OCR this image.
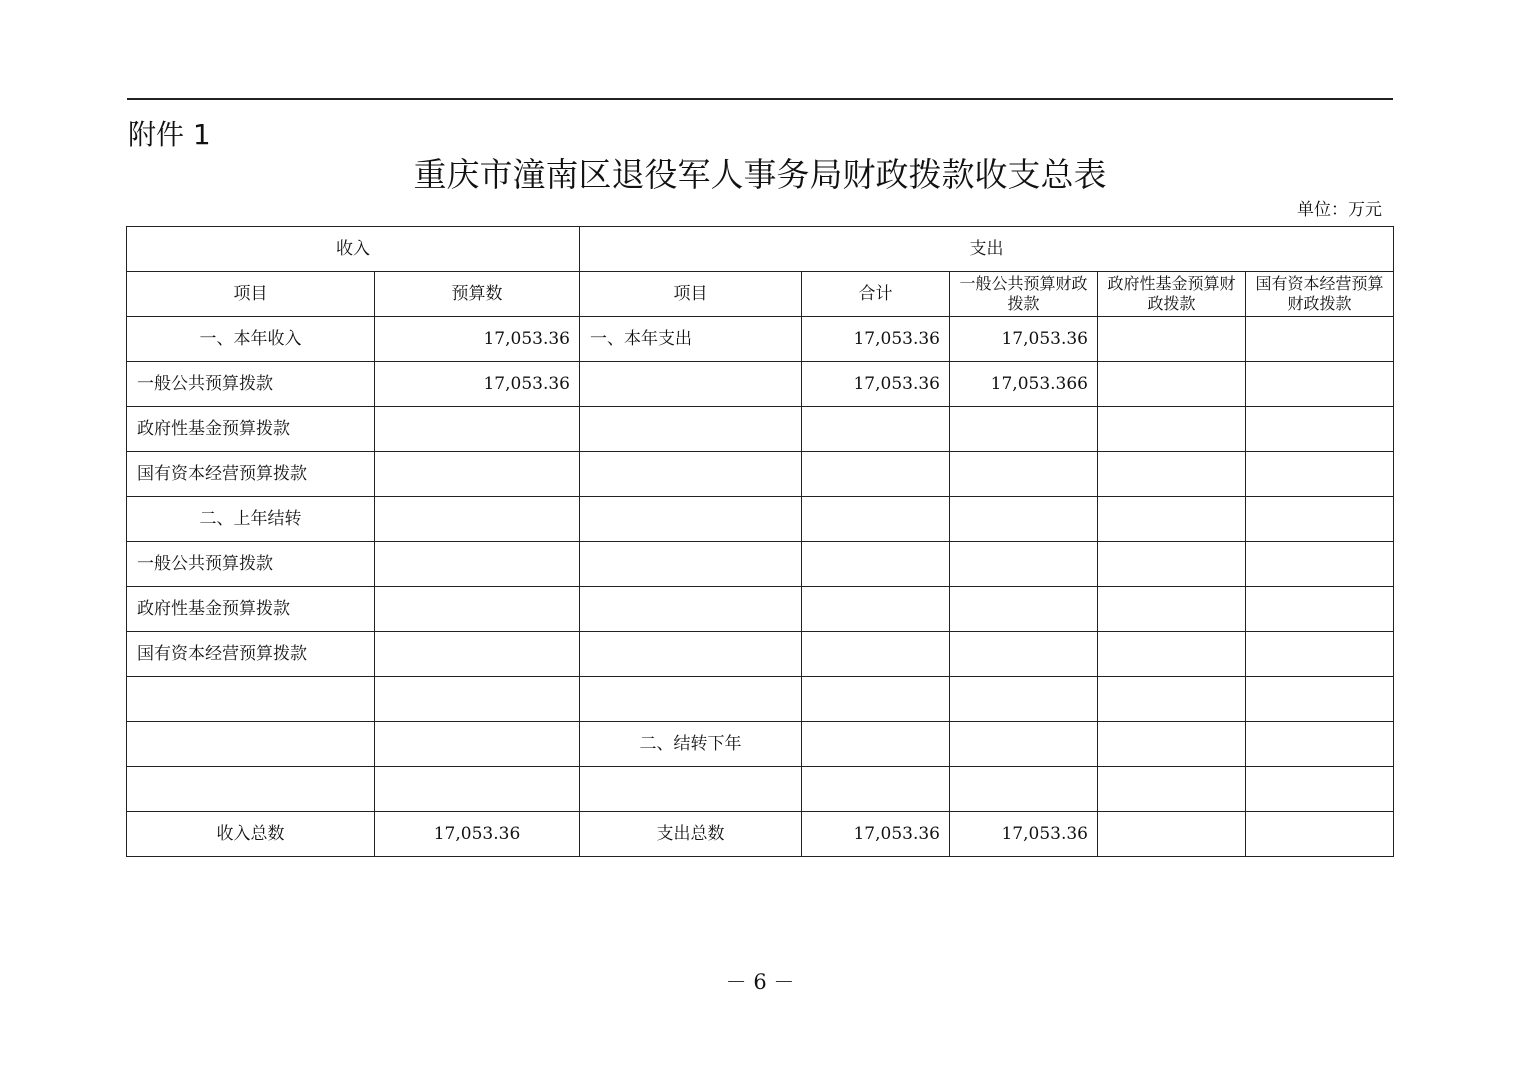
附件 1
重庆市潼南区退役军人事务局财政拨款收支总表
单位：万元
收入		支出				
项目	预算数	项目	合计	一般公共预算财政拨款	政府性基金预算财政拨款	国有资本经营预算财政拨款
一、本年收入	17,053.36	一、本年支出	17,053.36	17,053.36		
一般公共预算拨款	17,053.36		17,053.36	17,053.366		
政府性基金预算拨款						
国有资本经营预算拨款						
二、上年结转						
一般公共预算拨款						
政府性基金预算拨款						
国有资本经营预算拨款						

		二、结转下年				

收入总数	17,053.36	支出总数	17,053.36	17,053.36		
－ 6 －
